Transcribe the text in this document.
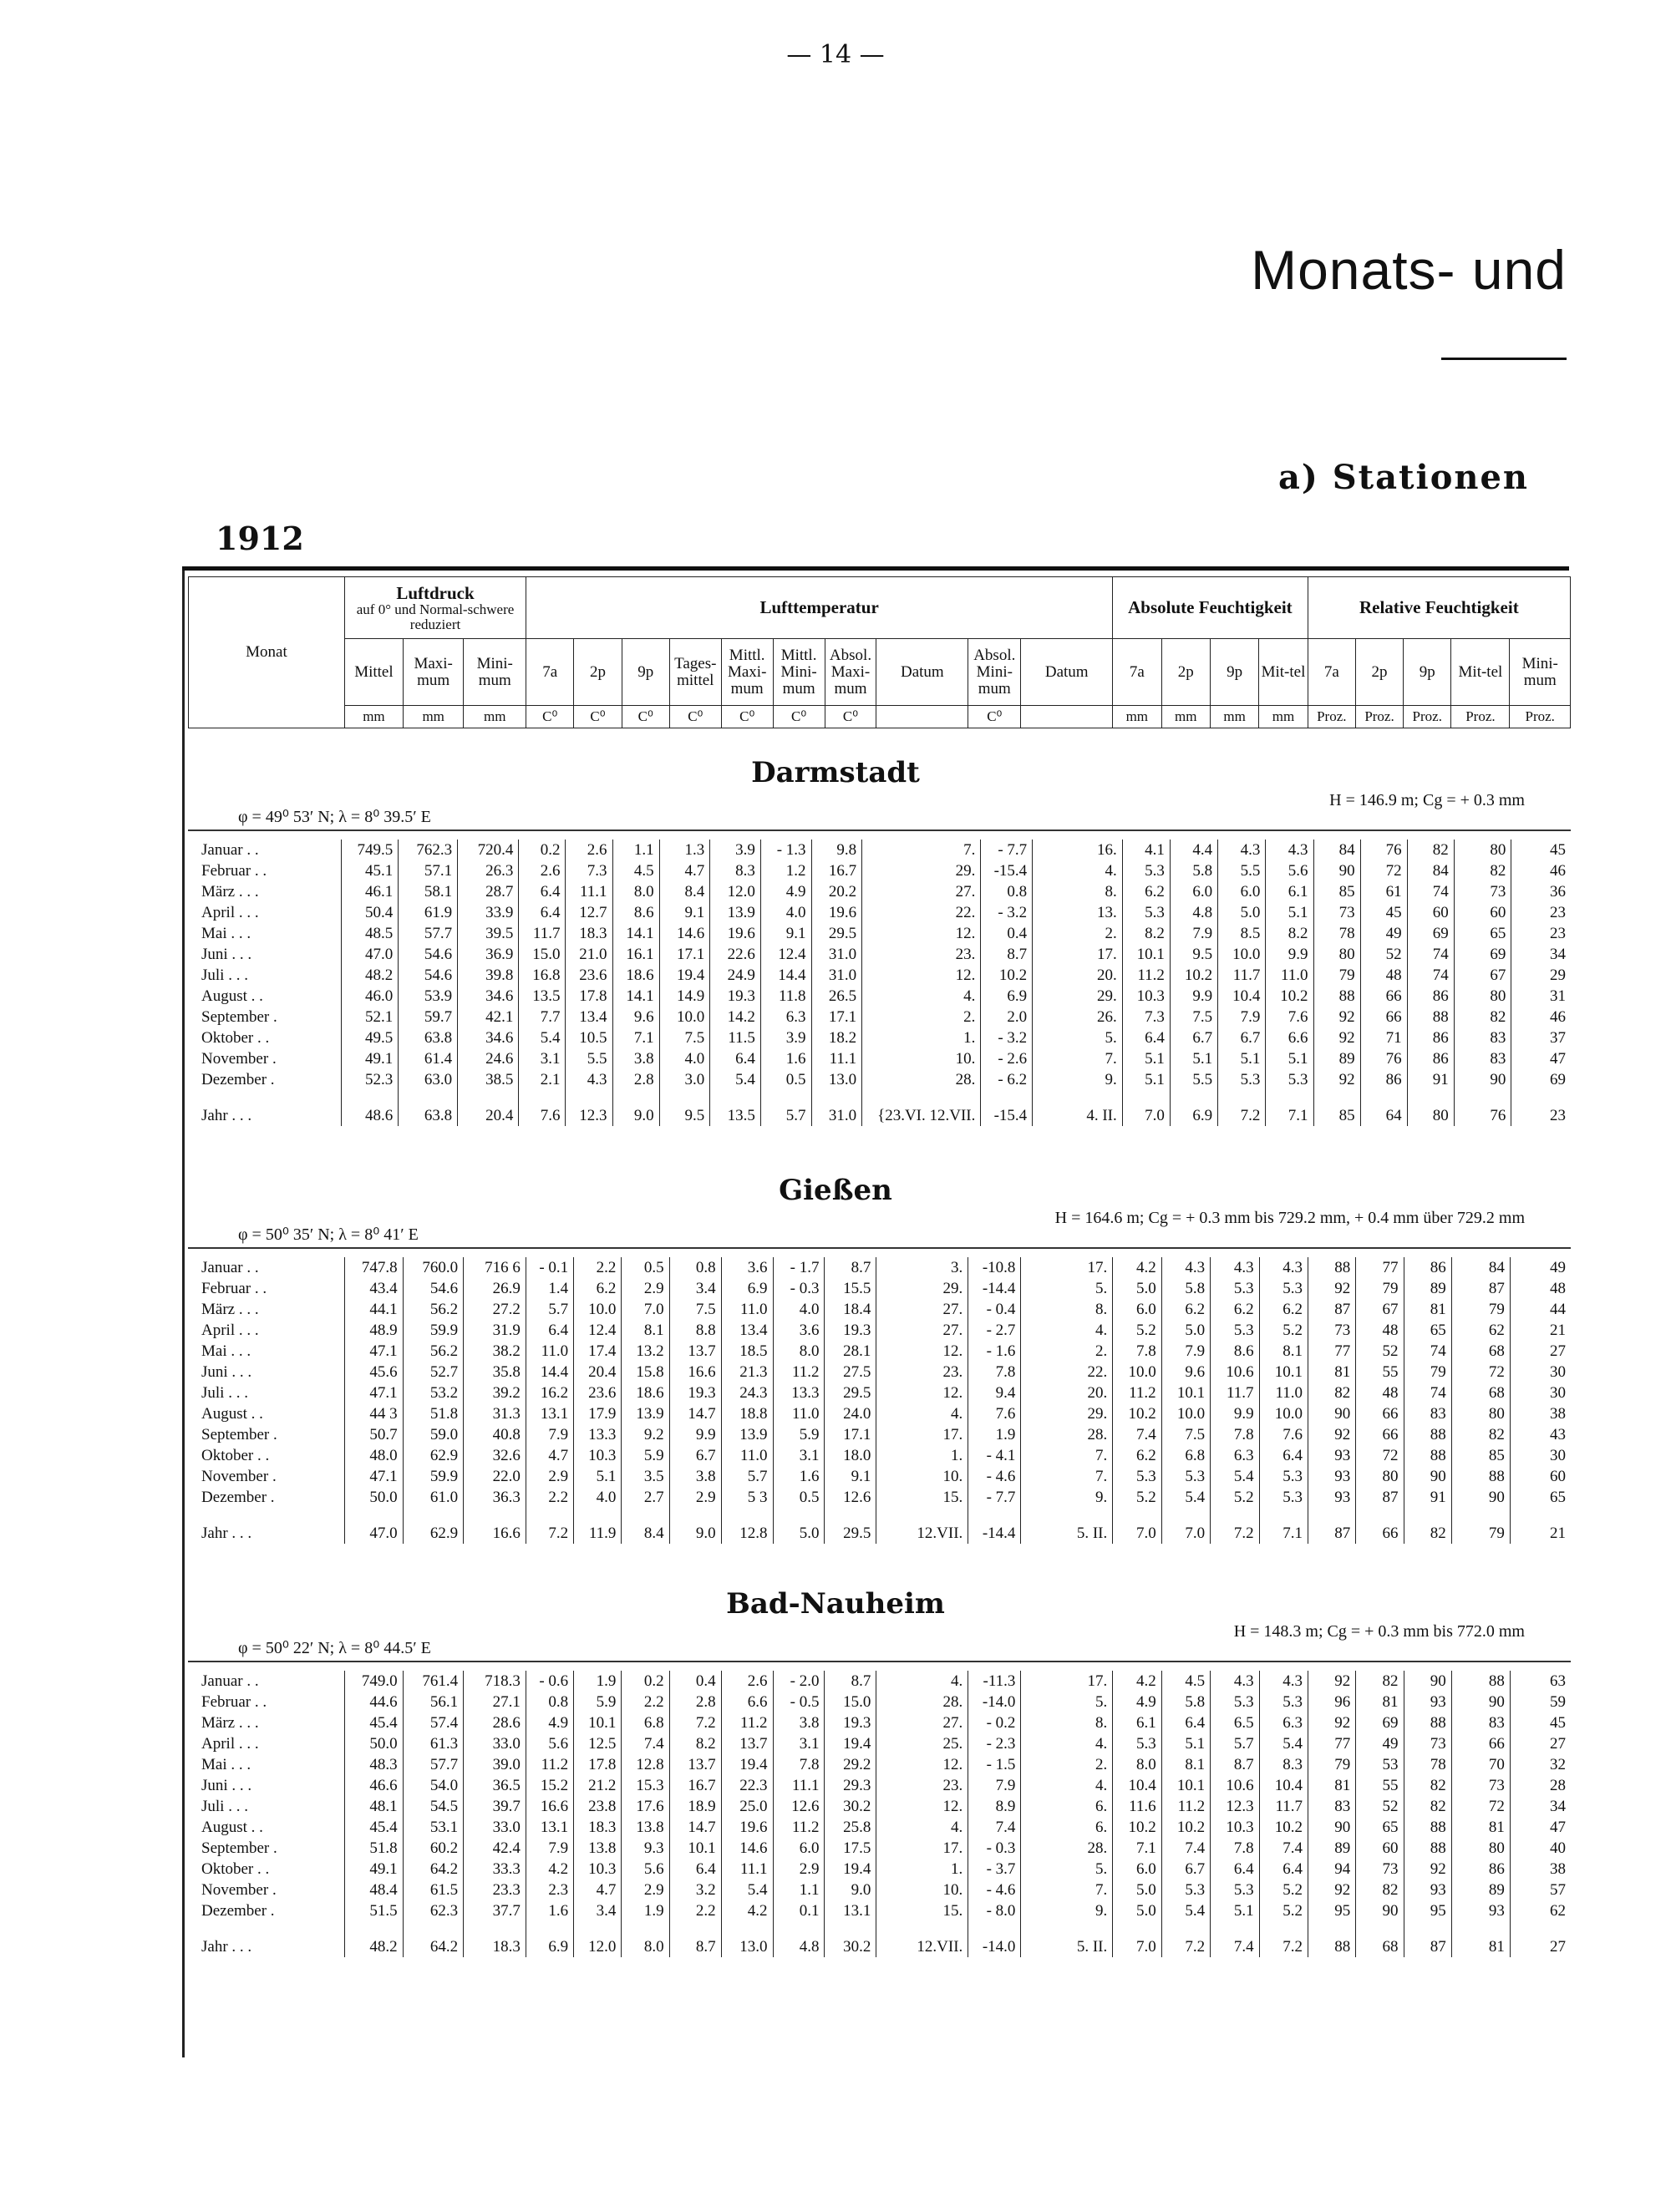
— 14 —
Monats- und
a) Stationen
1912
Monat	Luftdruck
auf 0° und Normal-schwere reduziert			Lufttemperatur										Absolute Feuchtigkeit				Relative Feuchtigkeit				
	Mittel	Maxi-mum	Mini-mum	7a	2p	9p	Tages-mittel	Mittl. Maxi-mum	Mittl. Mini-mum	Absol. Maxi-mum	Datum	Absol. Mini-mum	Datum	7a	2p	9p	Mit-tel	7a	2p	9p	Mit-tel	Mini-mum
	mm	mm	mm	C⁰	C⁰	C⁰	C⁰	C⁰	C⁰	C⁰		C⁰		mm	mm	mm	mm	Proz.	Proz.	Proz.	Proz.	Proz.
Darmstadt
φ = 49⁰ 53′ N; λ = 8⁰ 39.5′ E
H = 146.9 m; Cg = + 0.3 mm
Januar . .	749.5	762.3	720.4	0.2	2.6	1.1	1.3	3.9	- 1.3	9.8	7.	- 7.7	16.	4.1	4.4	4.3	4.3	84	76	82	80	45
Februar . .	45.1	57.1	26.3	2.6	7.3	4.5	4.7	8.3	1.2	16.7	29.	-15.4	4.	5.3	5.8	5.5	5.6	90	72	84	82	46
März . . .	46.1	58.1	28.7	6.4	11.1	8.0	8.4	12.0	4.9	20.2	27.	0.8	8.	6.2	6.0	6.0	6.1	85	61	74	73	36
April . . .	50.4	61.9	33.9	6.4	12.7	8.6	9.1	13.9	4.0	19.6	22.	- 3.2	13.	5.3	4.8	5.0	5.1	73	45	60	60	23
Mai . . .	48.5	57.7	39.5	11.7	18.3	14.1	14.6	19.6	9.1	29.5	12.	0.4	2.	8.2	7.9	8.5	8.2	78	49	69	65	23
Juni . . .	47.0	54.6	36.9	15.0	21.0	16.1	17.1	22.6	12.4	31.0	23.	8.7	17.	10.1	9.5	10.0	9.9	80	52	74	69	34
Juli . . .	48.2	54.6	39.8	16.8	23.6	18.6	19.4	24.9	14.4	31.0	12.	10.2	20.	11.2	10.2	11.7	11.0	79	48	74	67	29
August . .	46.0	53.9	34.6	13.5	17.8	14.1	14.9	19.3	11.8	26.5	4.	6.9	29.	10.3	9.9	10.4	10.2	88	66	86	80	31
September .	52.1	59.7	42.1	7.7	13.4	9.6	10.0	14.2	6.3	17.1	2.	2.0	26.	7.3	7.5	7.9	7.6	92	66	88	82	46
Oktober . .	49.5	63.8	34.6	5.4	10.5	7.1	7.5	11.5	3.9	18.2	1.	- 3.2	5.	6.4	6.7	6.7	6.6	92	71	86	83	37
November .	49.1	61.4	24.6	3.1	5.5	3.8	4.0	6.4	1.6	11.1	10.	- 2.6	7.	5.1	5.1	5.1	5.1	89	76	86	83	47
Dezember .	52.3	63.0	38.5	2.1	4.3	2.8	3.0	5.4	0.5	13.0	28.	- 6.2	9.	5.1	5.5	5.3	5.3	92	86	91	90	69
Jahr . . .	48.6	63.8	20.4	7.6	12.3	9.0	9.5	13.5	5.7	31.0	{23.VI. 12.VII.	-15.4	4. II.	7.0	6.9	7.2	7.1	85	64	80	76	23
Gießen
φ = 50⁰ 35′ N; λ = 8⁰ 41′ E
H = 164.6 m; Cg = + 0.3 mm bis 729.2 mm, + 0.4 mm über 729.2 mm
Januar . .	747.8	760.0	716 6	- 0.1	2.2	0.5	0.8	3.6	- 1.7	8.7	3.	-10.8	17.	4.2	4.3	4.3	4.3	88	77	86	84	49
Februar . .	43.4	54.6	26.9	1.4	6.2	2.9	3.4	6.9	- 0.3	15.5	29.	-14.4	5.	5.0	5.8	5.3	5.3	92	79	89	87	48
März . . .	44.1	56.2	27.2	5.7	10.0	7.0	7.5	11.0	4.0	18.4	27.	- 0.4	8.	6.0	6.2	6.2	6.2	87	67	81	79	44
April . . .	48.9	59.9	31.9	6.4	12.4	8.1	8.8	13.4	3.6	19.3	27.	- 2.7	4.	5.2	5.0	5.3	5.2	73	48	65	62	21
Mai . . .	47.1	56.2	38.2	11.0	17.4	13.2	13.7	18.5	8.0	28.1	12.	- 1.6	2.	7.8	7.9	8.6	8.1	77	52	74	68	27
Juni . . .	45.6	52.7	35.8	14.4	20.4	15.8	16.6	21.3	11.2	27.5	23.	7.8	22.	10.0	9.6	10.6	10.1	81	55	79	72	30
Juli . . .	47.1	53.2	39.2	16.2	23.6	18.6	19.3	24.3	13.3	29.5	12.	9.4	20.	11.2	10.1	11.7	11.0	82	48	74	68	30
August . .	44 3	51.8	31.3	13.1	17.9	13.9	14.7	18.8	11.0	24.0	4.	7.6	29.	10.2	10.0	9.9	10.0	90	66	83	80	38
September .	50.7	59.0	40.8	7.9	13.3	9.2	9.9	13.9	5.9	17.1	17.	1.9	28.	7.4	7.5	7.8	7.6	92	66	88	82	43
Oktober . .	48.0	62.9	32.6	4.7	10.3	5.9	6.7	11.0	3.1	18.0	1.	- 4.1	7.	6.2	6.8	6.3	6.4	93	72	88	85	30
November .	47.1	59.9	22.0	2.9	5.1	3.5	3.8	5.7	1.6	9.1	10.	- 4.6	7.	5.3	5.3	5.4	5.3	93	80	90	88	60
Dezember .	50.0	61.0	36.3	2.2	4.0	2.7	2.9	5 3	0.5	12.6	15.	- 7.7	9.	5.2	5.4	5.2	5.3	93	87	91	90	65
Jahr . . .	47.0	62.9	16.6	7.2	11.9	8.4	9.0	12.8	5.0	29.5	12.VII.	-14.4	5. II.	7.0	7.0	7.2	7.1	87	66	82	79	21
Bad-Nauheim
φ = 50⁰ 22′ N; λ = 8⁰ 44.5′ E
H = 148.3 m; Cg = + 0.3 mm bis 772.0 mm
Januar . .	749.0	761.4	718.3	- 0.6	1.9	0.2	0.4	2.6	- 2.0	8.7	4.	-11.3	17.	4.2	4.5	4.3	4.3	92	82	90	88	63
Februar . .	44.6	56.1	27.1	0.8	5.9	2.2	2.8	6.6	- 0.5	15.0	28.	-14.0	5.	4.9	5.8	5.3	5.3	96	81	93	90	59
März . . .	45.4	57.4	28.6	4.9	10.1	6.8	7.2	11.2	3.8	19.3	27.	- 0.2	8.	6.1	6.4	6.5	6.3	92	69	88	83	45
April . . .	50.0	61.3	33.0	5.6	12.5	7.4	8.2	13.7	3.1	19.4	25.	- 2.3	4.	5.3	5.1	5.7	5.4	77	49	73	66	27
Mai . . .	48.3	57.7	39.0	11.2	17.8	12.8	13.7	19.4	7.8	29.2	12.	- 1.5	2.	8.0	8.1	8.7	8.3	79	53	78	70	32
Juni . . .	46.6	54.0	36.5	15.2	21.2	15.3	16.7	22.3	11.1	29.3	23.	7.9	4.	10.4	10.1	10.6	10.4	81	55	82	73	28
Juli . . .	48.1	54.5	39.7	16.6	23.8	17.6	18.9	25.0	12.6	30.2	12.	8.9	6.	11.6	11.2	12.3	11.7	83	52	82	72	34
August . .	45.4	53.1	33.0	13.1	18.3	13.8	14.7	19.6	11.2	25.8	4.	7.4	6.	10.2	10.2	10.3	10.2	90	65	88	81	47
September .	51.8	60.2	42.4	7.9	13.8	9.3	10.1	14.6	6.0	17.5	17.	- 0.3	28.	7.1	7.4	7.8	7.4	89	60	88	80	40
Oktober . .	49.1	64.2	33.3	4.2	10.3	5.6	6.4	11.1	2.9	19.4	1.	- 3.7	5.	6.0	6.7	6.4	6.4	94	73	92	86	38
November .	48.4	61.5	23.3	2.3	4.7	2.9	3.2	5.4	1.1	9.0	10.	- 4.6	7.	5.0	5.3	5.3	5.2	92	82	93	89	57
Dezember .	51.5	62.3	37.7	1.6	3.4	1.9	2.2	4.2	0.1	13.1	15.	- 8.0	9.	5.0	5.4	5.1	5.2	95	90	95	93	62
Jahr . . .	48.2	64.2	18.3	6.9	12.0	8.0	8.7	13.0	4.8	30.2	12.VII.	-14.0	5. II.	7.0	7.2	7.4	7.2	88	68	87	81	27
